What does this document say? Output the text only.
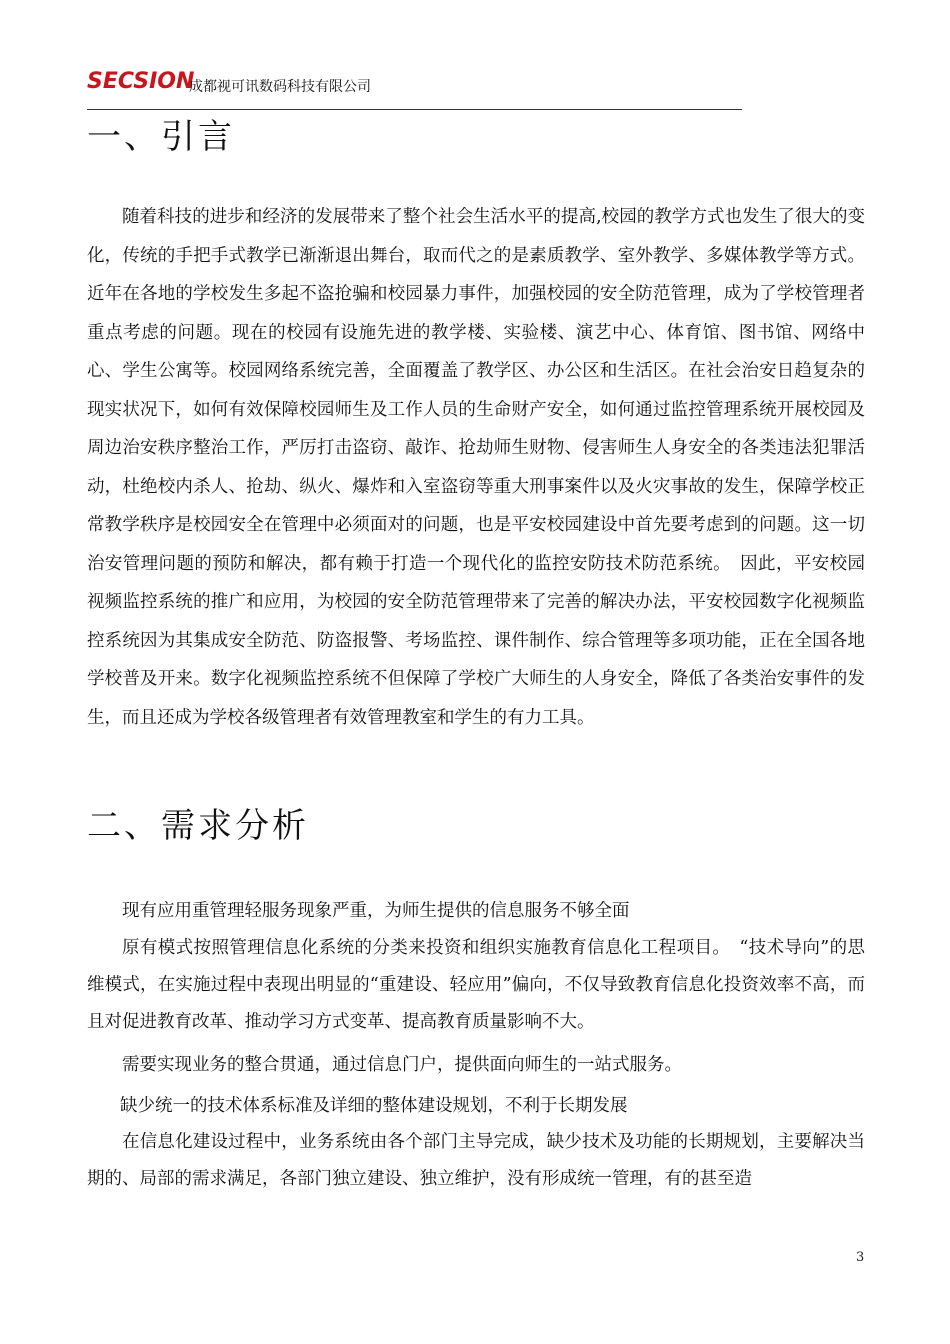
SECSION
成都视可讯数码科技有限公司
一、引言

随着科技的进步和经济的发展带来了整个社会生活水平的提高,校园的教学方式也发生了很大的变化，传统的手把手式教学已渐渐退出舞台，取而代之的是素质教学、室外教学、多媒体教学等方式。近年在各地的学校发生多起不盗抢骗和校园暴力事件，加强校园的安全防范管理，成为了学校管理者重点考虑的问题。现在的校园有设施先进的教学楼、实验楼、演艺中心、体育馆、图书馆、网络中心、学生公寓等。校园网络系统完善，全面覆盖了教学区、办公区和生活区。在社会治安日趋复杂的现实状况下，如何有效保障校园师生及工作人员的生命财产安全，如何通过监控管理系统开展校园及周边治安秩序整治工作，严厉打击盗窃、敲诈、抢劫师生财物、侵害师生人身安全的各类违法犯罪活动，杜绝校内杀人、抢劫、纵火、爆炸和入室盗窃等重大刑事案件以及火灾事故的发生，保障学校正常教学秩序是校园安全在管理中必须面对的问题，也是平安校园建设中首先要考虑到的问题。这一切治安管理问题的预防和解决，都有赖于打造一个现代化的监控安防技术防范系统。　因此，平安校园视频监控系统的推广和应用，为校园的安全防范管理带来了完善的解决办法，平安校园数字化视频监控系统因为其集成安全防范、防盗报警、考场监控、课件制作、综合管理等多项功能，正在全国各地学校普及开来。数字化视频监控系统不但保障了学校广大师生的人身安全，降低了各类治安事件的发生，而且还成为学校各级管理者有效管理教室和学生的有力工具。

二、需求分析

现有应用重管理轻服务现象严重，为师生提供的信息服务不够全面

原有模式按照管理信息化系统的分类来投资和组织实施教育信息化工程项目。　“技术导向”的思维模式，在实施过程中表现出明显的“重建设、轻应用”偏向，不仅导致教育信息化投资效率不高，而且对促进教育改革、推动学习方式变革、提高教育质量影响不大。

需要实现业务的整合贯通，通过信息门户，提供面向师生的一站式服务。

缺少统一的技术体系标准及详细的整体建设规划，不利于长期发展

在信息化建设过程中，业务系统由各个部门主导完成，缺少技术及功能的长期规划，主要解决当期的、局部的需求满足，各部门独立建设、独立维护，没有形成统一管理，有的甚至造

3
